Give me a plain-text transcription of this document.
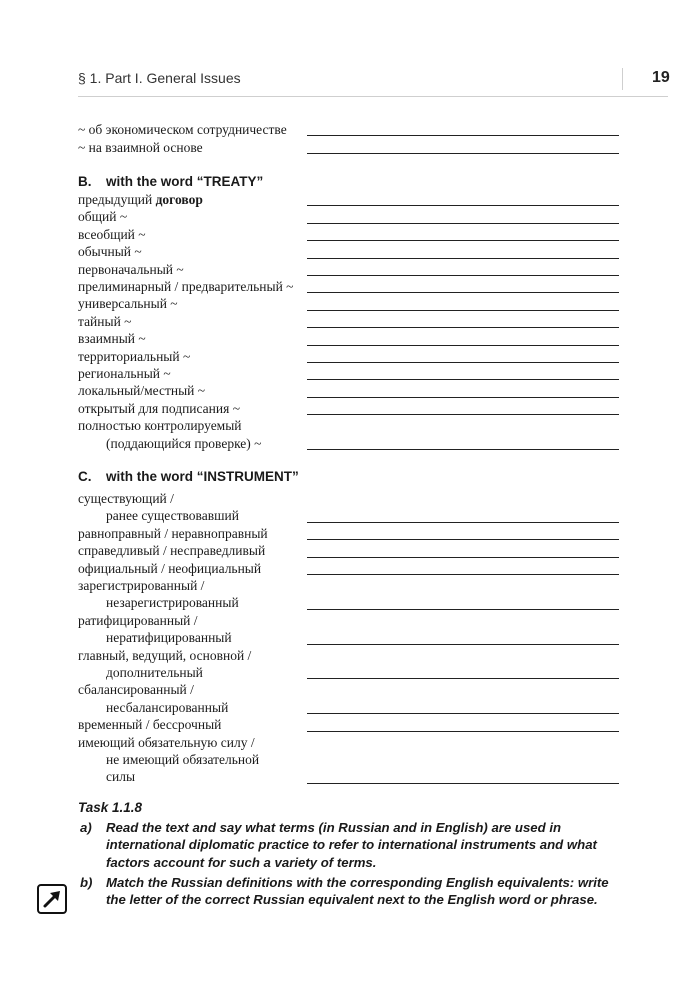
§ 1. Part I. General Issues	19
~ об экономическом сотрудничестве
~ на взаимной основе
B. with the word “TREATY”
предыдущий договор
общий ~
всеобщий ~
обычный ~
первоначальный ~
прелиминарный / предварительный ~
универсальный ~
тайный ~
взаимный ~
территориальный ~
региональный ~
локальный/местный ~
открытый для подписания ~
полностью контролируемый
(поддающийся проверке) ~
C. with the word “INSTRUMENT”
существующий /
ранее существовавший
равноправный / неравноправный
справедливый / несправедливый
официальный / неофициальный
зарегистрированный /
незарегистрированный
ратифицированный /
нератифицированный
главный, ведущий, основной /
дополнительный
сбалансированный /
несбалансированный
временный / бессрочный
имеющий обязательную силу /
не имеющий обязательной
силы
Task 1.1.8
a) Read the text and say what terms (in Russian and in English) are used in international diplomatic practice to refer to international instruments and what factors account for such a variety of terms.
b) Match the Russian definitions with the corresponding English equivalents: write the letter of the correct Russian equivalent next to the English word or phrase.
